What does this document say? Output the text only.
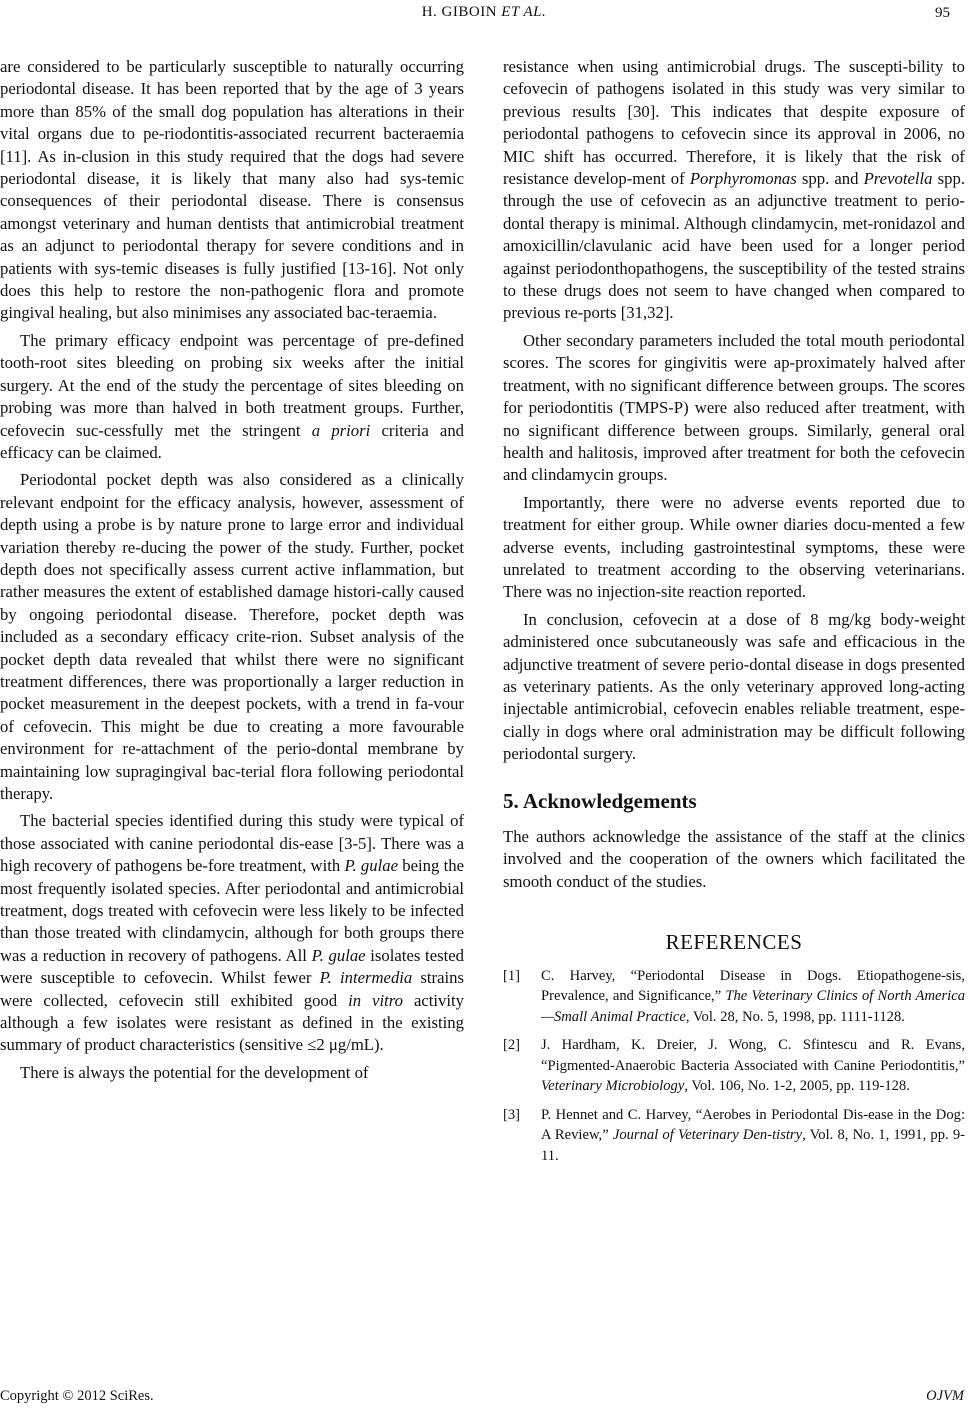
H. GIBOIN ET AL.	95

are considered to be particularly susceptible to naturally occurring periodontal disease. It has been reported that by the age of 3 years more than 85% of the small dog population has alterations in their vital organs due to pe-riodontitis-associated recurrent bacteraemia [11]. As in-clusion in this study required that the dogs had severe periodontal disease, it is likely that many also had sys-temic consequences of their periodontal disease. There is consensus amongst veterinary and human dentists that antimicrobial treatment as an adjunct to periodontal therapy for severe conditions and in patients with sys-temic diseases is fully justified [13-16]. Not only does this help to restore the non-pathogenic flora and promote gingival healing, but also minimises any associated bac-teraemia.

The primary efficacy endpoint was percentage of pre-defined tooth-root sites bleeding on probing six weeks after the initial surgery. At the end of the study the percentage of sites bleeding on probing was more than halved in both treatment groups. Further, cefovecin suc-cessfully met the stringent a priori criteria and efficacy can be claimed.

Periodontal pocket depth was also considered as a clinically relevant endpoint for the efficacy analysis, however, assessment of depth using a probe is by nature prone to large error and individual variation thereby re-ducing the power of the study. Further, pocket depth does not specifically assess current active inflammation, but rather measures the extent of established damage histori-cally caused by ongoing periodontal disease. Therefore, pocket depth was included as a secondary efficacy crite-rion. Subset analysis of the pocket depth data revealed that whilst there were no significant treatment differences, there was proportionally a larger reduction in pocket measurement in the deepest pockets, with a trend in fa-vour of cefovecin. This might be due to creating a more favourable environment for re-attachment of the perio-dontal membrane by maintaining low supragingival bac-terial flora following periodontal therapy.

The bacterial species identified during this study were typical of those associated with canine periodontal dis-ease [3-5]. There was a high recovery of pathogens be-fore treatment, with P. gulae being the most frequently isolated species. After periodontal and antimicrobial treatment, dogs treated with cefovecin were less likely to be infected than those treated with clindamycin, although for both groups there was a reduction in recovery of pathogens. All P. gulae isolates tested were susceptible to cefovecin. Whilst fewer P. intermedia strains were collected, cefovecin still exhibited good in vitro activity although a few isolates were resistant as defined in the existing summary of product characteristics (sensitive ≤2 μg/mL).

There is always the potential for the development of

resistance when using antimicrobial drugs. The suscepti-bility to cefovecin of pathogens isolated in this study was very similar to previous results [30]. This indicates that despite exposure of periodontal pathogens to cefovecin since its approval in 2006, no MIC shift has occurred. Therefore, it is likely that the risk of resistance develop-ment of Porphyromonas spp. and Prevotella spp. through the use of cefovecin as an adjunctive treatment to perio-dontal therapy is minimal. Although clindamycin, met-ronidazol and amoxicillin/clavulanic acid have been used for a longer period against periodonthopathogens, the susceptibility of the tested strains to these drugs does not seem to have changed when compared to previous re-ports [31,32].

Other secondary parameters included the total mouth periodontal scores. The scores for gingivitis were ap-proximately halved after treatment, with no significant difference between groups. The scores for periodontitis (TMPS-P) were also reduced after treatment, with no significant difference between groups. Similarly, general oral health and halitosis, improved after treatment for both the cefovecin and clindamycin groups.

Importantly, there were no adverse events reported due to treatment for either group. While owner diaries docu-mented a few adverse events, including gastrointestinal symptoms, these were unrelated to treatment according to the observing veterinarians. There was no injection-site reaction reported.

In conclusion, cefovecin at a dose of 8 mg/kg body-weight administered once subcutaneously was safe and efficacious in the adjunctive treatment of severe perio-dontal disease in dogs presented as veterinary patients. As the only veterinary approved long-acting injectable antimicrobial, cefovecin enables reliable treatment, espe-cially in dogs where oral administration may be difficult following periodontal surgery.

5. Acknowledgements

The authors acknowledge the assistance of the staff at the clinics involved and the cooperation of the owners which facilitated the smooth conduct of the studies.

REFERENCES
[1]	C. Harvey, “Periodontal Disease in Dogs. Etiopathogene-sis, Prevalence, and Significance,” The Veterinary Clinics of North America—Small Animal Practice, Vol. 28, No. 5, 1998, pp. 1111-1128.
[2]	J. Hardham, K. Dreier, J. Wong, C. Sfintescu and R. Evans, “Pigmented-Anaerobic Bacteria Associated with Canine Periodontitis,” Veterinary Microbiology, Vol. 106, No. 1-2, 2005, pp. 119-128.
[3]	P. Hennet and C. Harvey, “Aerobes in Periodontal Dis-ease in the Dog: A Review,” Journal of Veterinary Den-tistry, Vol. 8, No. 1, 1991, pp. 9-11.
Copyright © 2012 SciRes.	OJVM
